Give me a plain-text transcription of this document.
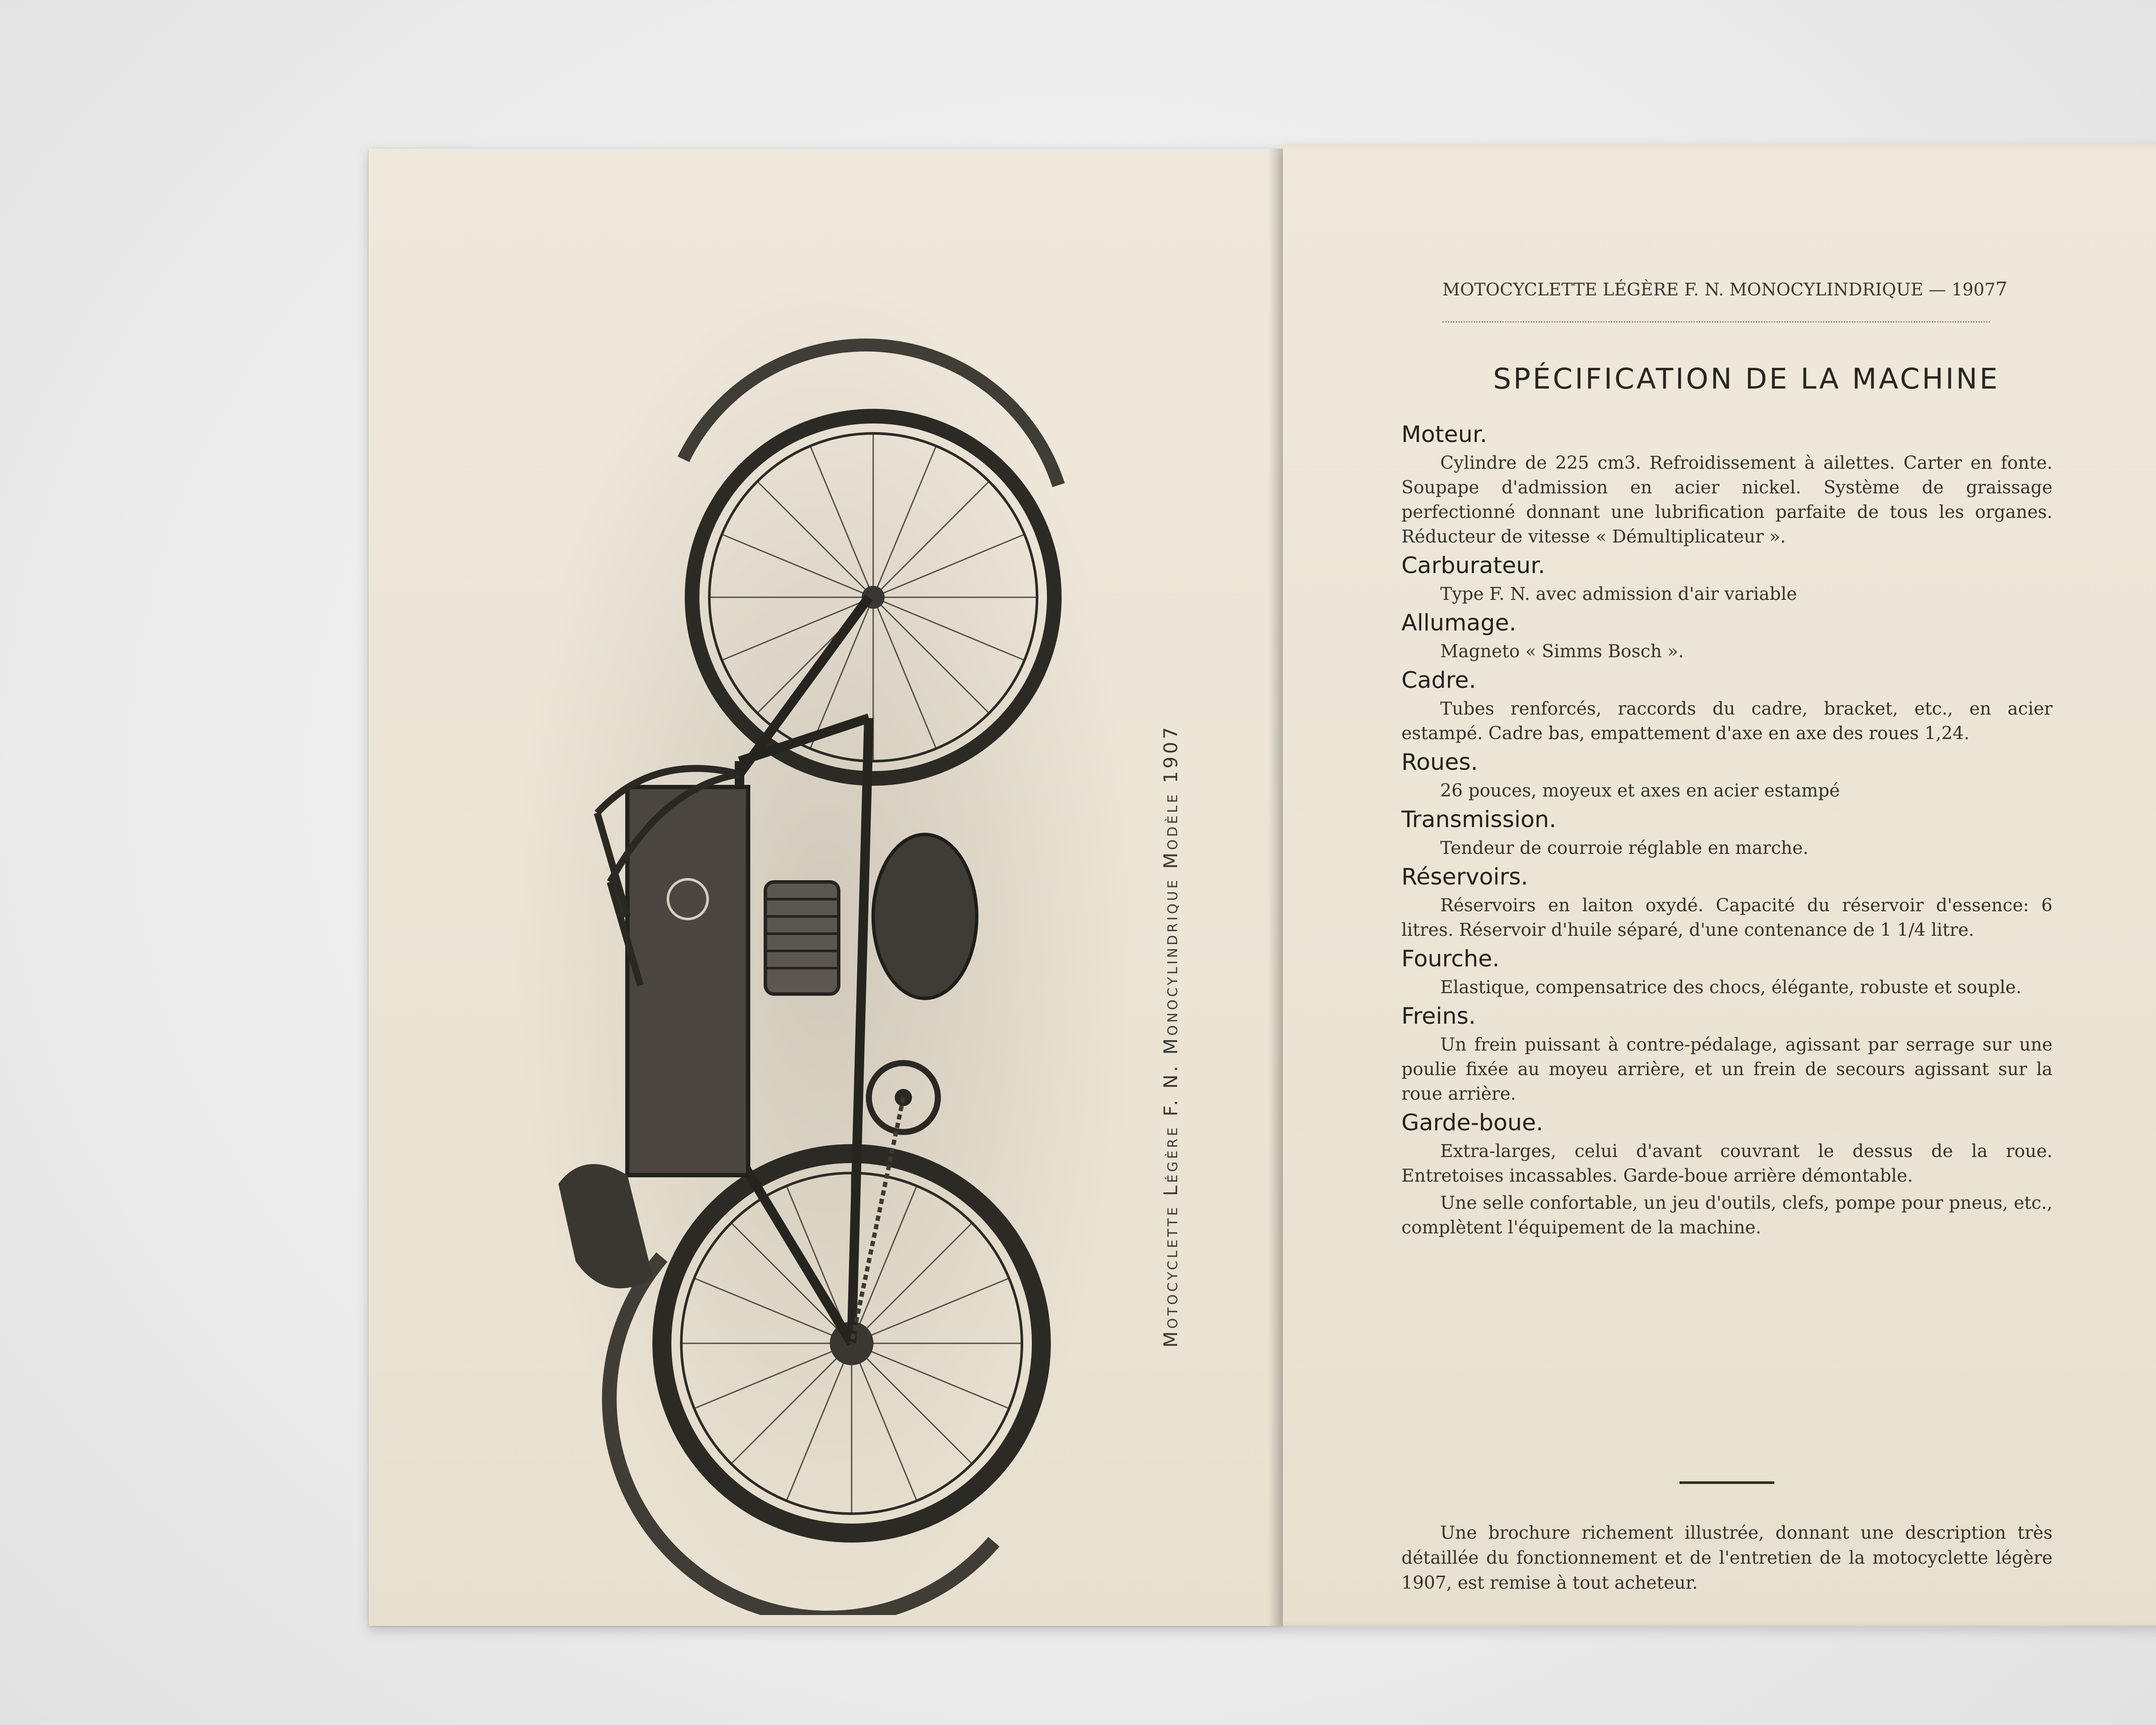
Motocyclette Légère F. N. Monocylindrique Modèle 1907
MOTOCYCLETTE LÉGÈRE F. N. MONOCYLINDRIQUE — 1907 7
SPÉCIFICATION DE LA MACHINE
Moteur.
Cylindre de 225 cm3. Refroidissement à ailettes. Carter en fonte. Soupape d'admission en acier nickel. Système de graissage perfectionné donnant une lubrification parfaite de tous les organes. Réducteur de vitesse « Démultiplicateur ».
Carburateur.
Type F. N. avec admission d'air variable
Allumage.
Magneto « Simms Bosch ».
Cadre.
Tubes renforcés, raccords du cadre, bracket, etc., en acier estampé. Cadre bas, empattement d'axe en axe des roues 1,24.
Roues.
26 pouces, moyeux et axes en acier estampé
Transmission.
Tendeur de courroie réglable en marche.
Réservoirs.
Réservoirs en laiton oxydé. Capacité du réservoir d'essence: 6 litres. Réservoir d'huile séparé, d'une contenance de 1 1/4 litre.
Fourche.
Elastique, compensatrice des chocs, élégante, robuste et souple.
Freins.
Un frein puissant à contre-pédalage, agissant par serrage sur une poulie fixée au moyeu arrière, et un frein de secours agissant sur la roue arrière.
Garde-boue.
Extra-larges, celui d'avant couvrant le dessus de la roue. Entretoises incassables. Garde-boue arrière démontable.
Une selle confortable, un jeu d'outils, clefs, pompe pour pneus, etc., complètent l'équipement de la machine.
Une brochure richement illustrée, donnant une description très détaillée du fonctionnement et de l'entretien de la motocyclette légère 1907, est remise à tout acheteur.
